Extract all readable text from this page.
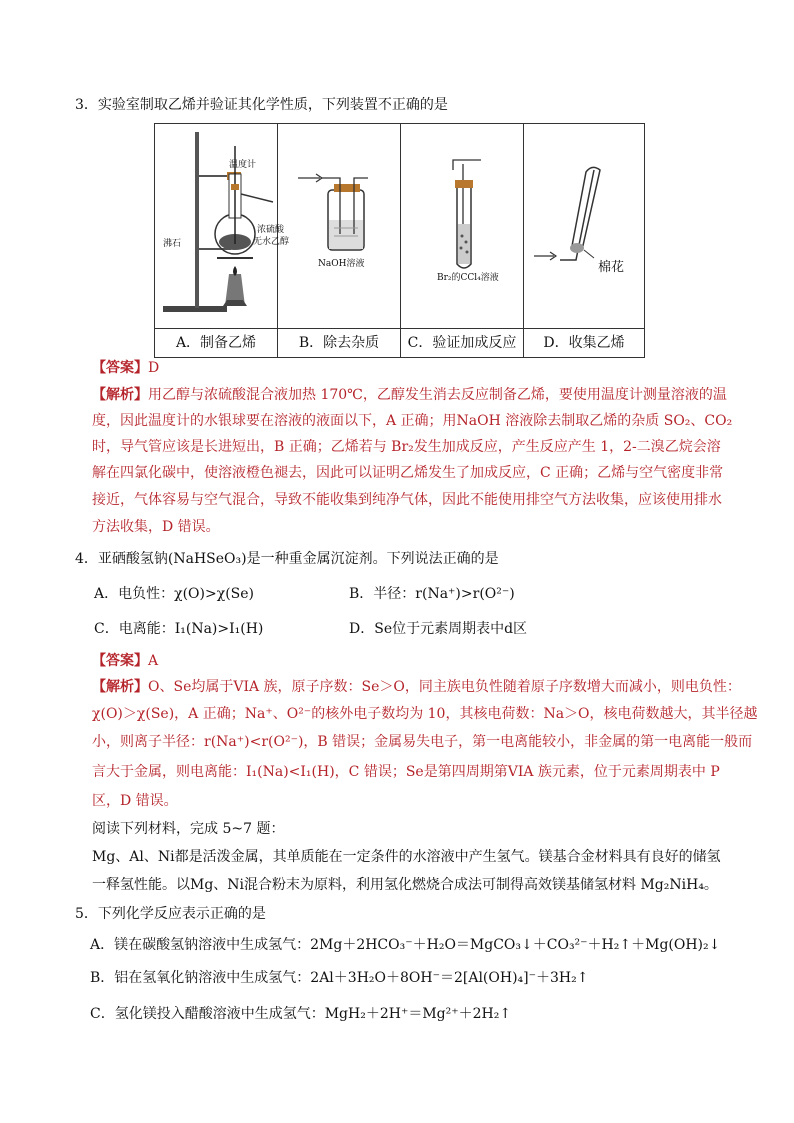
3．实验室制取乙烯并验证其化学性质，下列装置不正确的是
温度计
浓硫酸
无水乙醇
沸石	NaOH溶液	Br₂的CCl₄溶液	棉花

A．制备乙烯	B．除去杂质	C．验证加成反应	D．收集乙烯
【答案】D
【解析】用乙醇与浓硫酸混合液加热 170℃，乙醇发生消去反应制备乙烯，要使用温度计测量溶液的温
度，因此温度计的水银球要在溶液的液面以下，A 正确；用NaOH 溶液除去制取乙烯的杂质 SO₂、CO₂
时，导气管应该是长进短出，B 正确；乙烯若与 Br₂发生加成反应，产生反应产生 1，2-二溴乙烷会溶
解在四氯化碳中，使溶液橙色褪去，因此可以证明乙烯发生了加成反应，C 正确；乙烯与空气密度非常
接近，气体容易与空气混合，导致不能收集到纯净气体，因此不能使用排空气方法收集，应该使用排水
方法收集，D 错误。
4．亚硒酸氢钠(NaHSeO₃)是一种重金属沉淀剂。下列说法正确的是
A．电负性：χ(O)>χ(Se)	B．半径：r(Na⁺)>r(O²⁻)
C．电离能：I₁(Na)>I₁(H)	D．Se位于元素周期表中d区
【答案】A
【解析】O、Se均属于VIA 族，原子序数：Se＞O，同主族电负性随着原子序数增大而减小，则电负性：
χ(O)＞χ(Se)，A 正确；Na⁺、O²⁻的核外电子数均为 10，其核电荷数：Na＞O，核电荷数越大，其半径越
小，则离子半径：r(Na⁺)<r(O²⁻)，B 错误；金属易失电子，第一电离能较小，非金属的第一电离能一般而
言大于金属，则电离能：I₁(Na)<I₁(H)，C 错误；Se是第四周期第VIA 族元素，位于元素周期表中 P
区，D 错误。
阅读下列材料，完成 5~7 题：
Mg、Al、Ni都是活泼金属，其单质能在一定条件的水溶液中产生氢气。镁基合金材料具有良好的储氢
一释氢性能。以Mg、Ni混合粉末为原料，利用氢化燃烧合成法可制得高效镁基储氢材料 Mg₂NiH₄。
5．下列化学反应表示正确的是
A．镁在碳酸氢钠溶液中生成氢气：2Mg＋2HCO₃⁻＋H₂O＝MgCO₃↓＋CO₃²⁻＋H₂↑＋Mg(OH)₂↓
B．铝在氢氧化钠溶液中生成氢气：2Al＋3H₂O＋8OH⁻＝2[Al(OH)₄]⁻＋3H₂↑
C．氢化镁投入醋酸溶液中生成氢气：MgH₂＋2H⁺＝Mg²⁺＋2H₂↑
